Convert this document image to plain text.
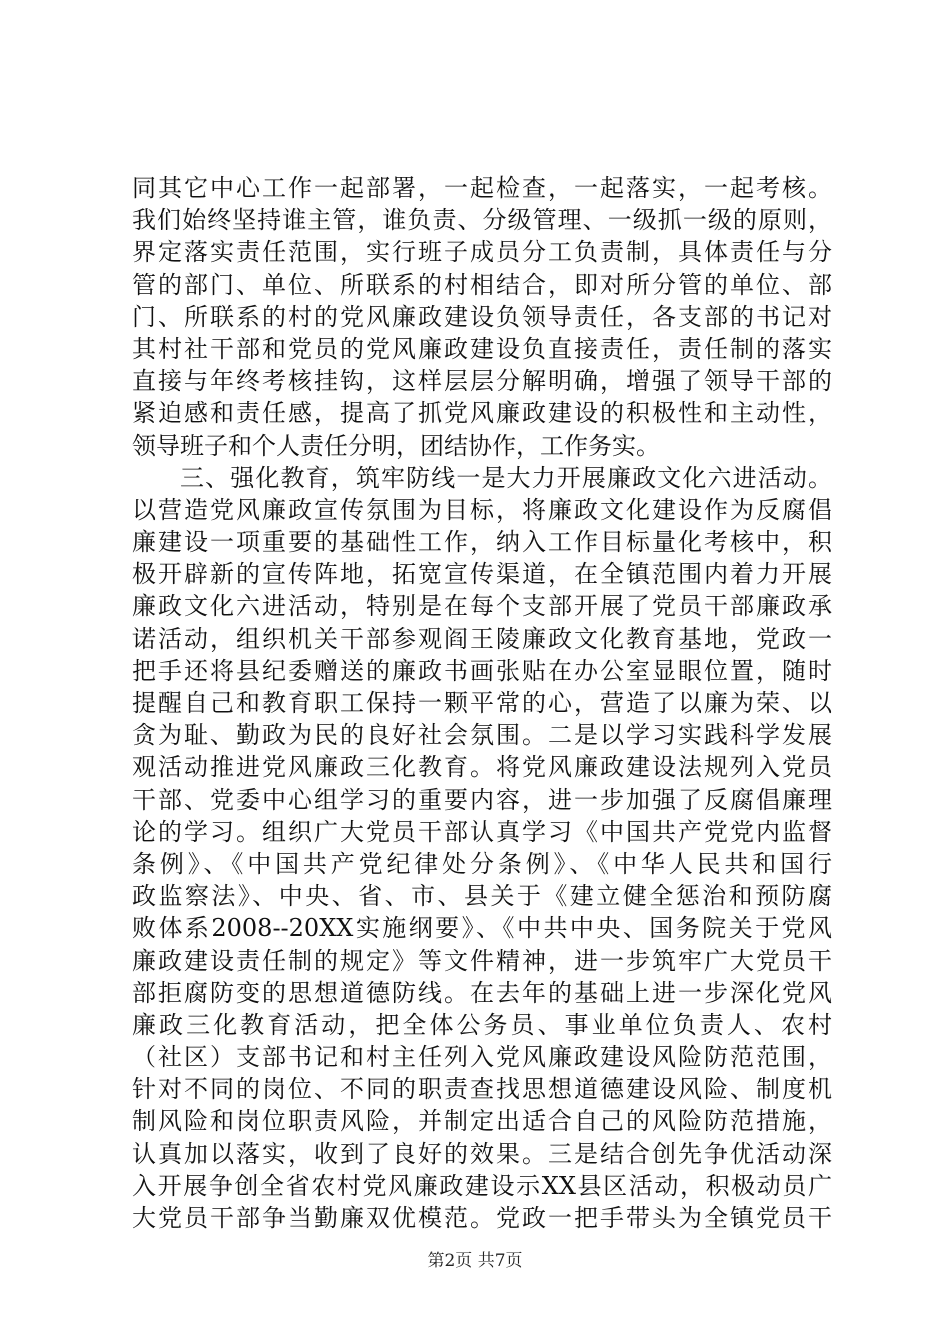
同其它中心工作一起部署，一起检查，一起落实，一起考核。
我们始终坚持谁主管，谁负责、分级管理、一级抓一级的原则，
界定落实责任范围，实行班子成员分工负责制，具体责任与分
管的部门、单位、所联系的村相结合，即对所分管的单位、部
门、所联系的村的党风廉政建设负领导责任，各支部的书记对
其村社干部和党员的党风廉政建设负直接责任，责任制的落实
直接与年终考核挂钩，这样层层分解明确，增强了领导干部的
紧迫感和责任感，提高了抓党风廉政建设的积极性和主动性，
领导班子和个人责任分明，团结协作，工作务实。
三、强化教育，筑牢防线一是大力开展廉政文化六进活动。
以营造党风廉政宣传氛围为目标，将廉政文化建设作为反腐倡
廉建设一项重要的基础性工作，纳入工作目标量化考核中，积
极开辟新的宣传阵地，拓宽宣传渠道，在全镇范围内着力开展
廉政文化六进活动，特别是在每个支部开展了党员干部廉政承
诺活动，组织机关干部参观阎王陵廉政文化教育基地，党政一
把手还将县纪委赠送的廉政书画张贴在办公室显眼位置，随时
提醒自己和教育职工保持一颗平常的心，营造了以廉为荣、以
贪为耻、勤政为民的良好社会氛围。二是以学习实践科学发展
观活动推进党风廉政三化教育。将党风廉政建设法规列入党员
干部、党委中心组学习的重要内容，进一步加强了反腐倡廉理
论的学习。组织广大党员干部认真学习《中国共产党党内监督
条例》、《中国共产党纪律处分条例》、《中华人民共和国行
政监察法》、中央、省、市、县关于《建立健全惩治和预防腐
败体系2008--20XX实施纲要》、《中共中央、国务院关于党风
廉政建设责任制的规定》等文件精神，进一步筑牢广大党员干
部拒腐防变的思想道德防线。在去年的基础上进一步深化党风
廉政三化教育活动，把全体公务员、事业单位负责人、农村
（社区）支部书记和村主任列入党风廉政建设风险防范范围，
针对不同的岗位、不同的职责查找思想道德建设风险、制度机
制风险和岗位职责风险，并制定出适合自己的风险防范措施，
认真加以落实，收到了良好的效果。三是结合创先争优活动深
入开展争创全省农村党风廉政建设示XX县区活动，积极动员广
大党员干部争当勤廉双优模范。党政一把手带头为全镇党员干
第2页 共7页
